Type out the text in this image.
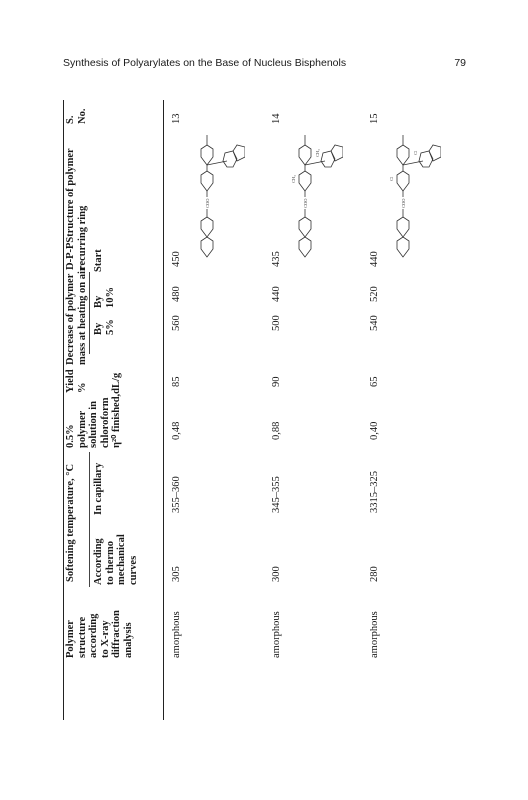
Synthesis of Polyarylates on the Base of Nucleus Bisphenols	79
S. No.
D-P-PStructure of polymer recurring ring
Decrease of polymer mass at heating on air
Start
By 10%
By 5%
Yield %
0.5% polymer solution in chloroform η²⁰ finished,dL/g
Softening temperature, °C In capillary
According to thermo mechanical curves
Polymer structure according to X-ray diffraction analysis
13
COO
450
480
560
85
0,48
355–360
305
amorphous
14
COO
CH₃
CH₃
435
440
500
90
0,88
345–355
300
amorphous
15
COO
Cl
Cl
440
520
540
65
0,40
3315–325
280
amorphous
